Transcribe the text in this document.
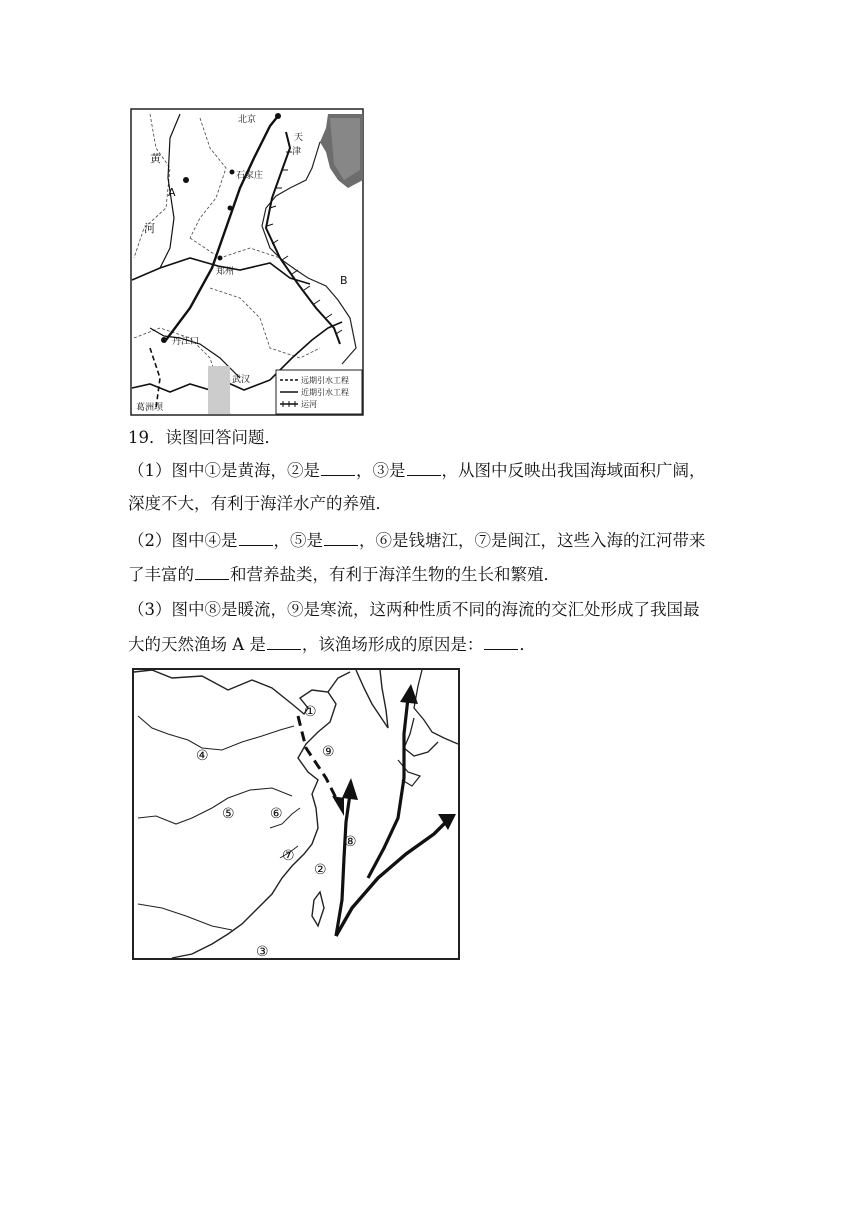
北京
天
津
黄
A
石家庄
河
郑州
B
丹江口
武汉
葛洲坝
远期引水工程
近期引水工程
运河
19．读图回答问题．
（1）图中①是黄海，②是 ，③是 ，从图中反映出我国海域面积广阔，
深度不大，有利于海洋水产的养殖．
（2）图中④是 ，⑤是 ，⑥是钱塘江，⑦是闽江，这些入海的江河带来
了丰富的 和营养盐类，有利于海洋生物的生长和繁殖．
（3）图中⑧是暖流，⑨是寒流，这两种性质不同的海流的交汇处形成了我国最
大的天然渔场 A 是 ，该渔场形成的原因是： ．
①
②
③
④
⑤	⑥
⑦
⑧
⑨
